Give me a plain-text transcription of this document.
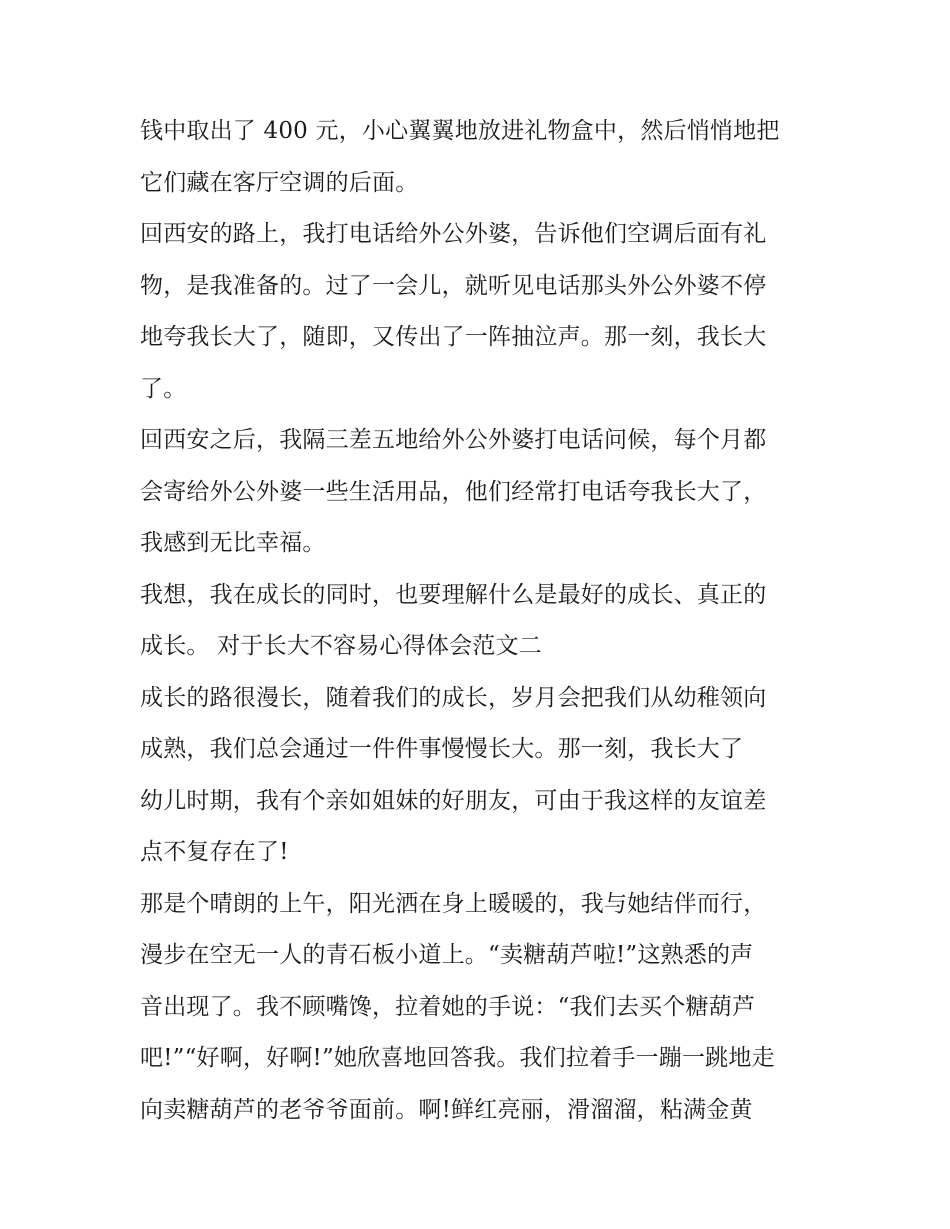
钱中取出了 400 元，小心翼翼地放进礼物盒中，然后悄悄地把
它们藏在客厅空调的后面。
回西安的路上，我打电话给外公外婆，告诉他们空调后面有礼
物，是我准备的。过了一会儿，就听见电话那头外公外婆不停
地夸我长大了，随即，又传出了一阵抽泣声。那一刻，我长大
了。
回西安之后，我隔三差五地给外公外婆打电话问候，每个月都
会寄给外公外婆一些生活用品，他们经常打电话夸我长大了，
我感到无比幸福。
我想，我在成长的同时，也要理解什么是最好的成长、真正的
成长。 对于长大不容易心得体会范文二
成长的路很漫长，随着我们的成长，岁月会把我们从幼稚领向
成熟，我们总会通过一件件事慢慢长大。那一刻，我长大了
幼儿时期，我有个亲如姐妹的好朋友，可由于我这样的友谊差
点不复存在了!
那是个晴朗的上午，阳光洒在身上暖暖的，我与她结伴而行，
漫步在空无一人的青石板小道上。“卖糖葫芦啦!”这熟悉的声
音出现了。我不顾嘴馋，拉着她的手说：“我们去买个糖葫芦
吧!”“好啊，好啊!”她欣喜地回答我。我们拉着手一蹦一跳地走
向卖糖葫芦的老爷爷面前。啊!鲜红亮丽，滑溜溜，粘满金黄
